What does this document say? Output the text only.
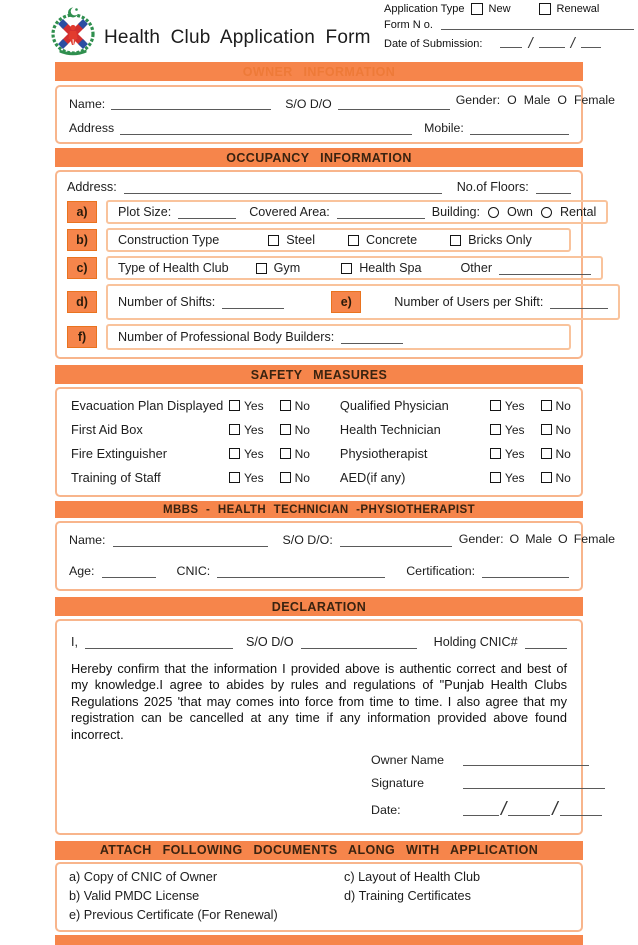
Health Club Application Form
Application Type New	Renewal
Form N o.
Date of Submission:	/	/
OWNER INFORMATION
Name:	S/O D/O	Gender: O Male O Female
Address	Mobile:
OCCUPANCY INFORMATION
Address:	No.of Floors:
a)	Plot Size:	Covered Area:	Building: Own Rental
b)	Construction Type	Steel	Concrete	Bricks Only
c)	Type of Health Club	Gym	Health Spa	Other
d)	Number of Shifts:	e)	Number of Users per Shift:
f)	Number of Professional Body Builders:
SAFETY MEASURES
Evacuation Plan Displayed	Yes	No Qualified Physician	Yes	No
First Aid Box	Yes	No Health Technician	Yes	No
Fire Extinguisher	Yes	No Physiotherapist	Yes	No
Training of Staff	Yes	No AED(if any)	Yes	No
MBBS - HEALTH TECHNICIAN -PHYSIOTHERAPIST
Name:	S/O D/O:	Gender: O Male O Female
Age:	CNIC:	Certification:
DECLARATION
I,	S/O D/O	Holding CNIC#

Hereby confirm that the information I provided above is authentic correct and best of my knowledge.I agree to abides by rules and regulations of "Punjab Health Clubs Regulations 2025 'that may comes into force from time to time. I also agree that my registration can be cancelled at any time if any information provided above found incorrect.

Owner Name
Signature
Date:	/ /
ATTACH FOLLOWING DOCUMENTS ALONG WITH APPLICATION
a) Copy of CNIC of Owner
b) Valid PMDC License
e) Previous Certificate (For Renewal)
c) Layout of Health Club
d) Training Certificates
